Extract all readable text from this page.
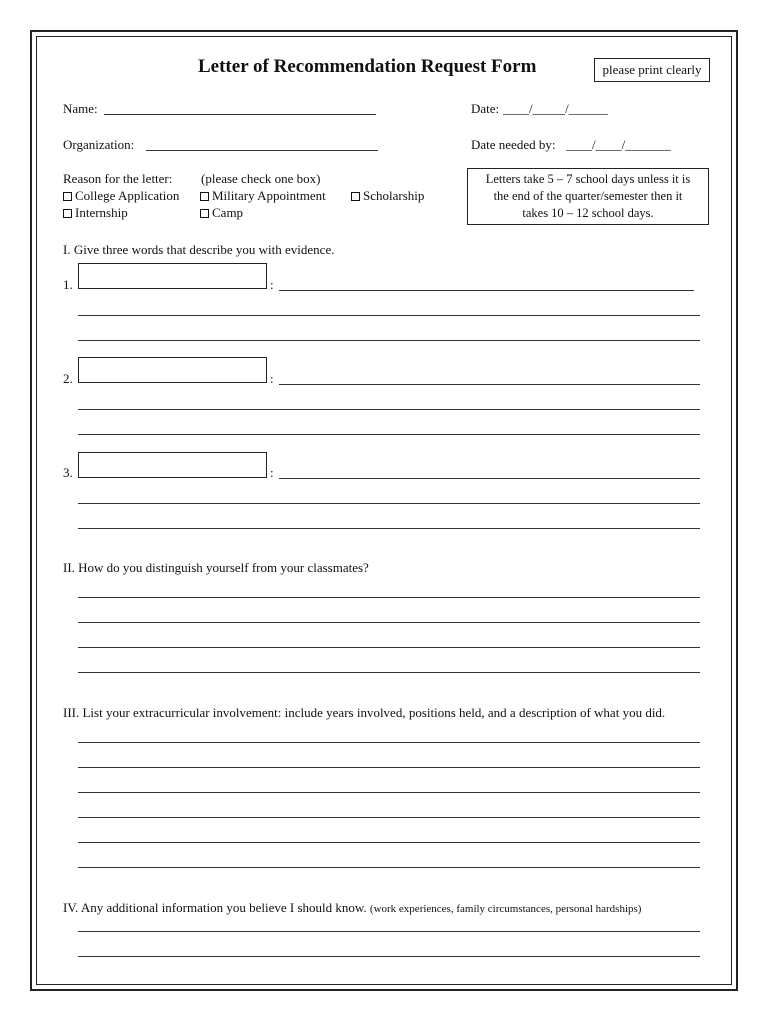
Letter of Recommendation Request Form	please print clearly
Name:	Date: ____/_____/______
Organization:	Date needed by: ____/____/_______
Reason for the letter: (please check one box)
College Application	Military Appointment	Scholarship
Internship	Camp
Letters take 5 – 7 school days unless it is
the end of the quarter/semester then it
takes 10 – 12 school days.
I. Give three words that describe you with evidence.
1.	:
2.	:
3.	:
II. How do you distinguish yourself from your classmates?
III. List your extracurricular involvement: include years involved, positions held, and a description of what you did.
IV. Any additional information you believe I should know. (work experiences, family circumstances, personal hardships)
